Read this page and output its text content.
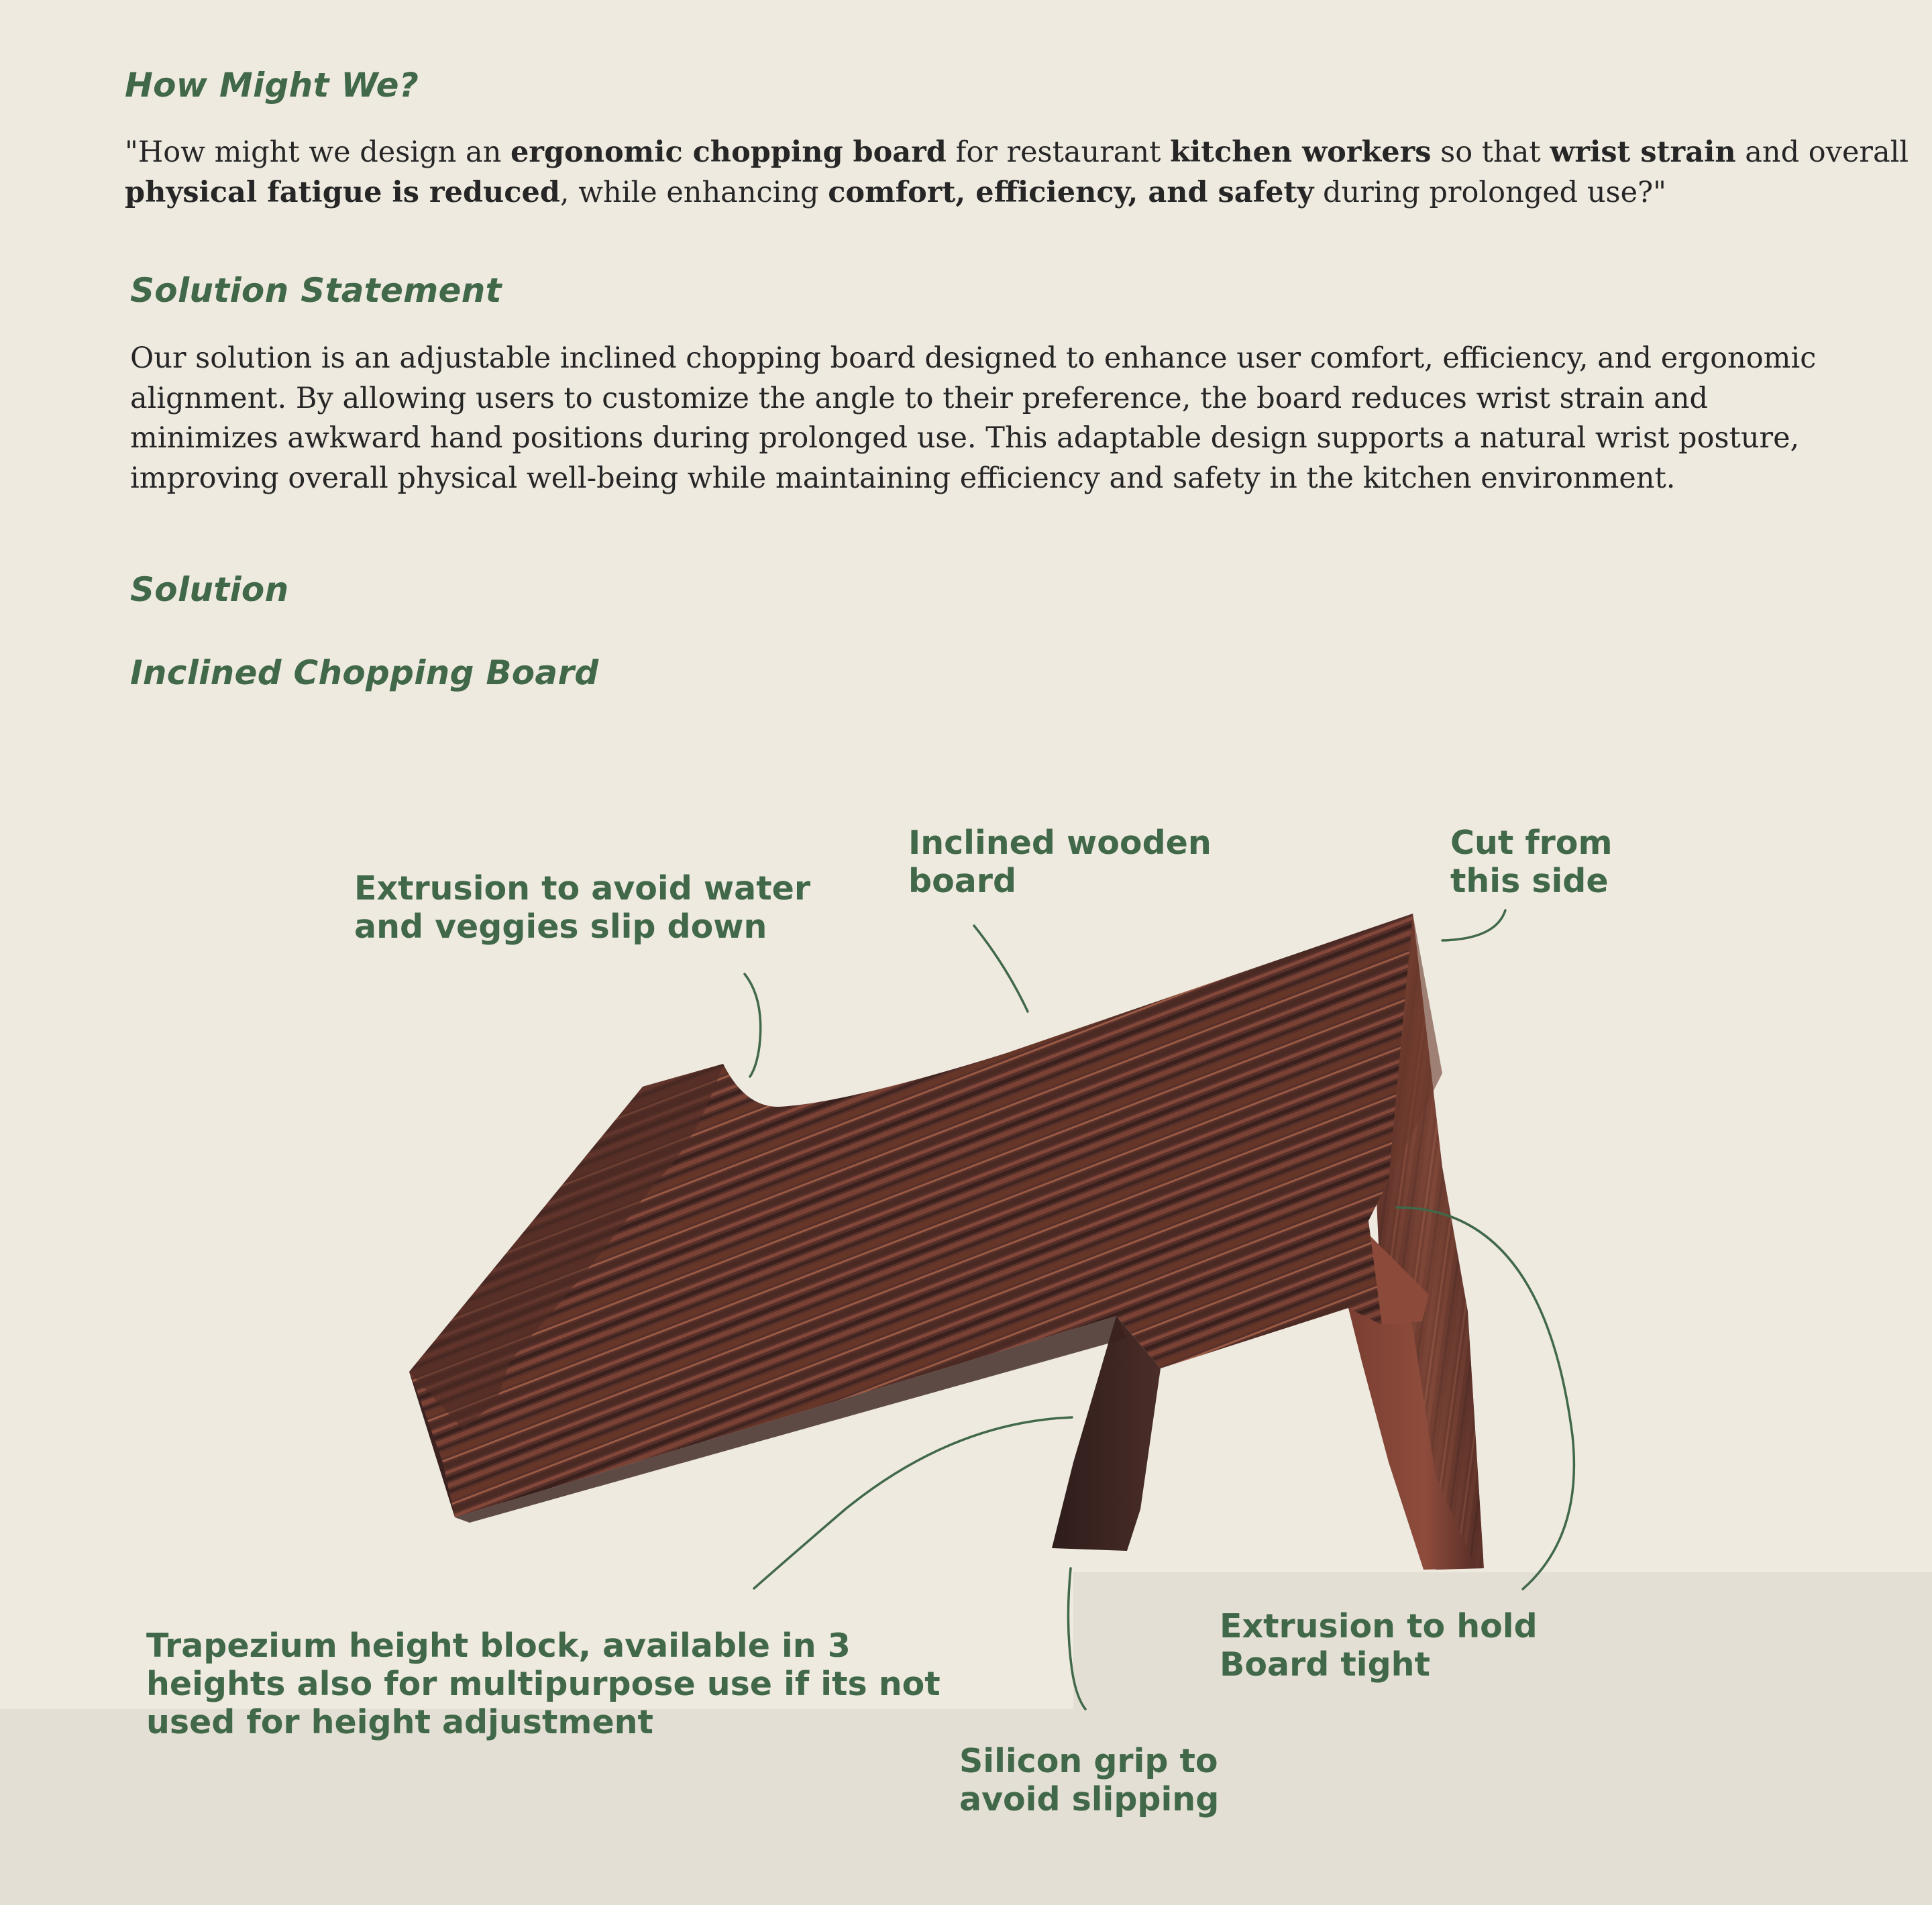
How Might We?

"How might we design an ergonomic chopping board for restaurant kitchen workers so that wrist strain and overall
physical fatigue is reduced, while enhancing comfort, efficiency, and safety during prolonged use?"

Solution Statement

Our solution is an adjustable inclined chopping board designed to enhance user comfort, efficiency, and ergonomic
alignment. By allowing users to customize the angle to their preference, the board reduces wrist strain and
minimizes awkward hand positions during prolonged use. This adaptable design supports a natural wrist posture,
improving overall physical well-being while maintaining efficiency and safety in the kitchen environment.

Solution
Inclined Chopping Board
Inclined wooden
board
Cut from
this side
Extrusion to avoid water
and veggies slip down
Trapezium height block, available in 3
heights also for multipurpose use if its not
used for height adjustment
Extrusion to hold
Board tight
Silicon grip to
avoid slipping
